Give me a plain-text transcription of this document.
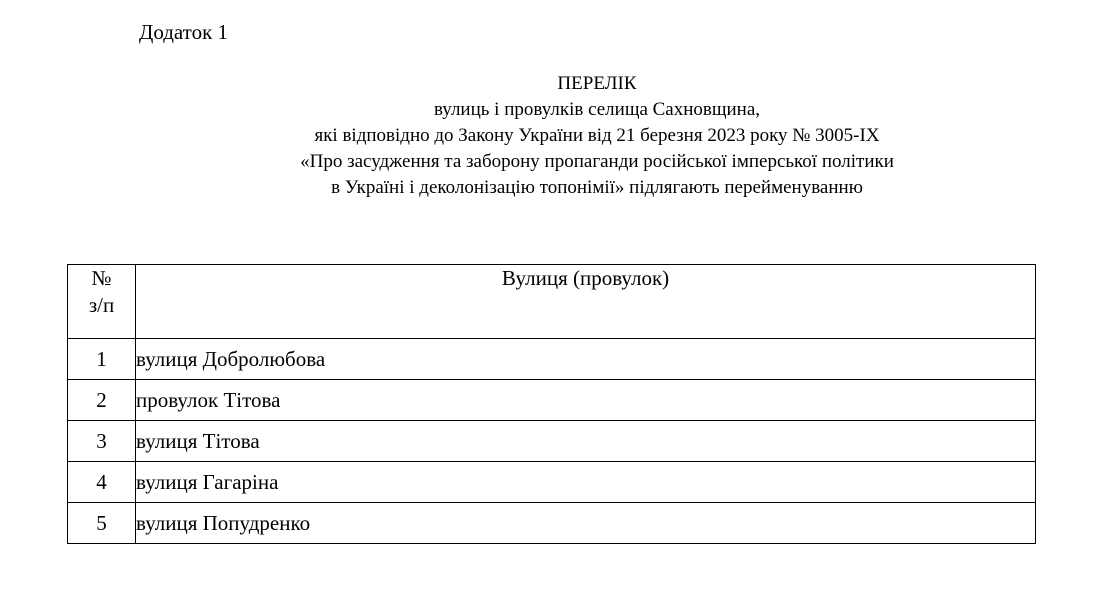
Додаток 1
ПЕРЕЛІК
вулиць і провулків селища Сахновщина,
які відповідно до Закону України від 21 березня 2023 року № 3005-IX
«Про засудження та заборону пропаганди російської імперської політики
в Україні і деколонізацію топонімії» підлягають перейменуванню
№
з/п	Вулиця (провулок)
1	вулиця Добролюбова
2	провулок Тітова
3	вулиця Тітова
4	вулиця Гагаріна
5	вулиця Попудренко
